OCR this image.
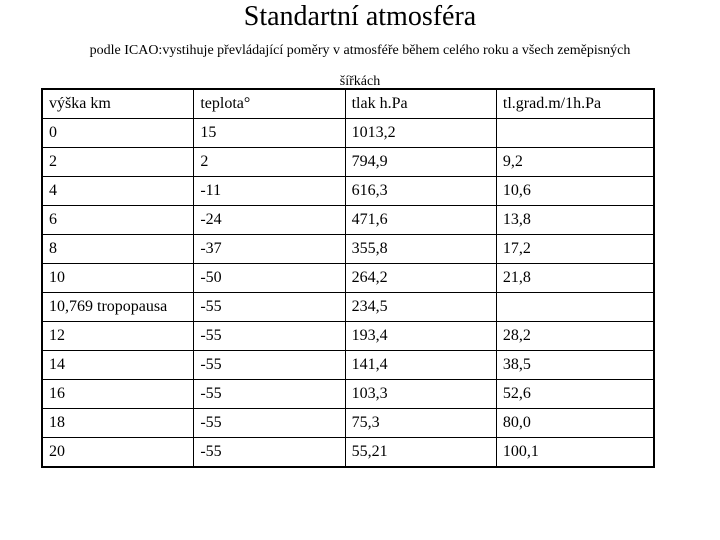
Standartní atmosféra
podle ICAO:vystihuje převládající poměry v atmosféře během celého roku a všech zeměpisných šířkách
výška km	teplota°	tlak h.Pa	tl.grad.m/1h.Pa
0	15	1013,2	
2	2	794,9	9,2
4	-11	616,3	10,6
6	-24	471,6	13,8
8	-37	355,8	17,2
10	-50	264,2	21,8
10,769 tropopausa	-55	234,5	
12	-55	193,4	28,2
14	-55	141,4	38,5
16	-55	103,3	52,6
18	-55	75,3	80,0
20	-55	55,21	100,1
